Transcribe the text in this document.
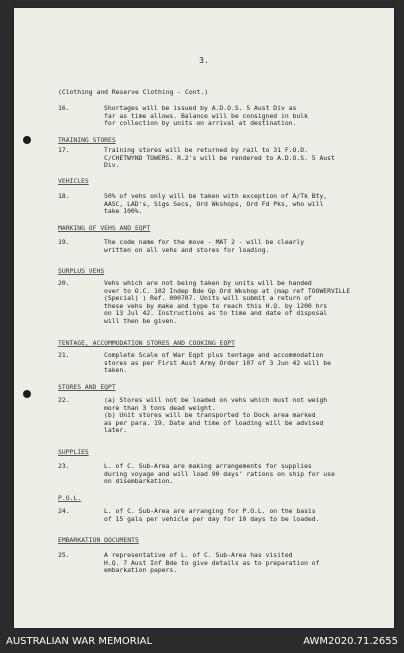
3.
(Clothing and Reserve Clothing - Cont.)
16.	Shortages will be issued by A.D.O.S. 5 Aust Div as
far as time allows. Balance will be consigned in bulk
for collection by units on arrival at destination.
TRAINING STORES
17.	Training stores will be returned by rail to 31 F.O.D.
C/CHETWYND TOWERS. R.2's will be rendered to A.D.O.S. 5 Aust
Div.
VEHICLES
18.	50% of vehs only will be taken with exception of A/Tk Bty,
AASC, LAD's, Sigs Secs, Ord Wkshops, Ord Fd Pks, who will
take 100%.
MARKING OF VEHS AND EQPT
19.	The code name for the move - MAT 2 - will be clearly
written on all vehs and stores for loading.
SURPLUS VEHS
20.	Vehs which are not being taken by units will be handed
over to O.C. 102 Indep Bde Gp Ord Wkshop at (map ref TOOWERVILLE
(Special) ) Ref. 000707. Units will submit a return of
these vehs by make and type to reach this H.Q. by 1200 hrs
on 13 Jul 42. Instructions as to time and date of disposal
will then be given.
TENTAGE, ACCOMMODATION STORES AND COOKING EQPT
21.	Complete Scale of War Eqpt plus tentage and accommodation
stores as per First Aust Army Order 107 of 3 Jun 42 will be
taken.
STORES AND EQPT
22.	(a) Stores will not be loaded on vehs which must not weigh
more than 3 tons dead weight.
(b) Unit stores will be transported to Dock area marked
as per para. 19. Date and time of loading will be advised
later.
SUPPLIES
23.	L. of C. Sub-Area are making arrangements for supplies
during voyage and will load 90 days' rations on ship for use
on disembarkation.
P.O.L.
24.	L. of C. Sub-Area are arranging for P.O.L. on the basis
of 15 gals per vehicle per day for 10 days to be loaded.
EMBARKATION DOCUMENTS
25.	A representative of L. of C. Sub-Area has visited
H.Q. 7 Aust Inf Bde to give details as to preparation of
embarkation papers.
AUSTRALIAN WAR MEMORIAL	AWM2020.71.2655
